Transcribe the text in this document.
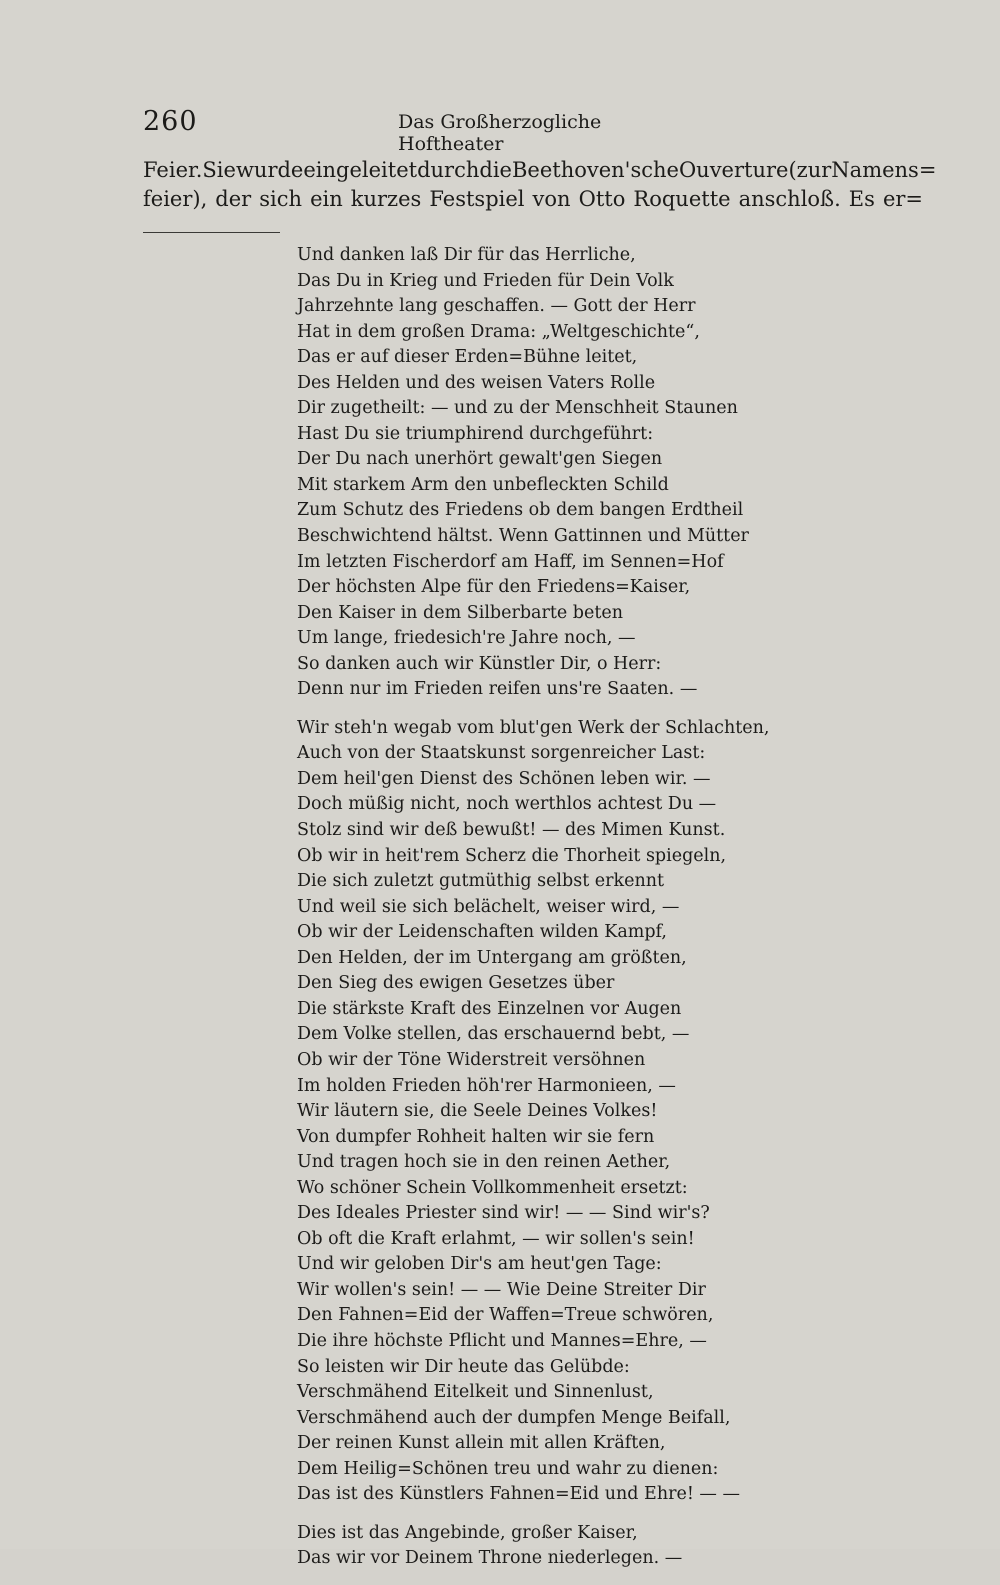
260	Das Großherzogliche Hoftheater
Feier. Sie wurde eingeleitet durch die Beethoven'sche Ouverture (zur Namens=
feier), der sich ein kurzes Festspiel von Otto Roquette anschloß. Es er=
Und danken laß Dir für das Herrliche,
Das Du in Krieg und Frieden für Dein Volk
Jahrzehnte lang geschaffen. — Gott der Herr
Hat in dem großen Drama: „Weltgeschichte“,
Das er auf dieser Erden=Bühne leitet,
Des Helden und des weisen Vaters Rolle
Dir zugetheilt: — und zu der Menschheit Staunen
Hast Du sie triumphirend durchgeführt:
Der Du nach unerhört gewalt'gen Siegen
Mit starkem Arm den unbefleckten Schild
Zum Schutz des Friedens ob dem bangen Erdtheil
Beschwichtend hältst. Wenn Gattinnen und Mütter
Im letzten Fischerdorf am Haff, im Sennen=Hof
Der höchsten Alpe für den Friedens=Kaiser,
Den Kaiser in dem Silberbarte beten
Um lange, friedesich're Jahre noch, —
So danken auch wir Künstler Dir, o Herr:
Denn nur im Frieden reifen uns're Saaten. —
Wir steh'n wegab vom blut'gen Werk der Schlachten,
Auch von der Staatskunst sorgenreicher Last:
Dem heil'gen Dienst des Schönen leben wir. —
Doch müßig nicht, noch werthlos achtest Du —
Stolz sind wir deß bewußt! — des Mimen Kunst.
Ob wir in heit'rem Scherz die Thorheit spiegeln,
Die sich zuletzt gutmüthig selbst erkennt
Und weil sie sich belächelt, weiser wird, —
Ob wir der Leidenschaften wilden Kampf,
Den Helden, der im Untergang am größten,
Den Sieg des ewigen Gesetzes über
Die stärkste Kraft des Einzelnen vor Augen
Dem Volke stellen, das erschauernd bebt, —
Ob wir der Töne Widerstreit versöhnen
Im holden Frieden höh'rer Harmonieen, —
Wir läutern sie, die Seele Deines Volkes!
Von dumpfer Rohheit halten wir sie fern
Und tragen hoch sie in den reinen Aether,
Wo schöner Schein Vollkommenheit ersetzt:
Des Ideales Priester sind wir! — — Sind wir's?
Ob oft die Kraft erlahmt, — wir sollen's sein!
Und wir geloben Dir's am heut'gen Tage:
Wir wollen's sein! — — Wie Deine Streiter Dir
Den Fahnen=Eid der Waffen=Treue schwören,
Die ihre höchste Pflicht und Mannes=Ehre, —
So leisten wir Dir heute das Gelübde:
Verschmähend Eitelkeit und Sinnenlust,
Verschmähend auch der dumpfen Menge Beifall,
Der reinen Kunst allein mit allen Kräften,
Dem Heilig=Schönen treu und wahr zu dienen:
Das ist des Künstlers Fahnen=Eid und Ehre! — —
Dies ist das Angebinde, großer Kaiser,
Das wir vor Deinem Throne niederlegen. —
